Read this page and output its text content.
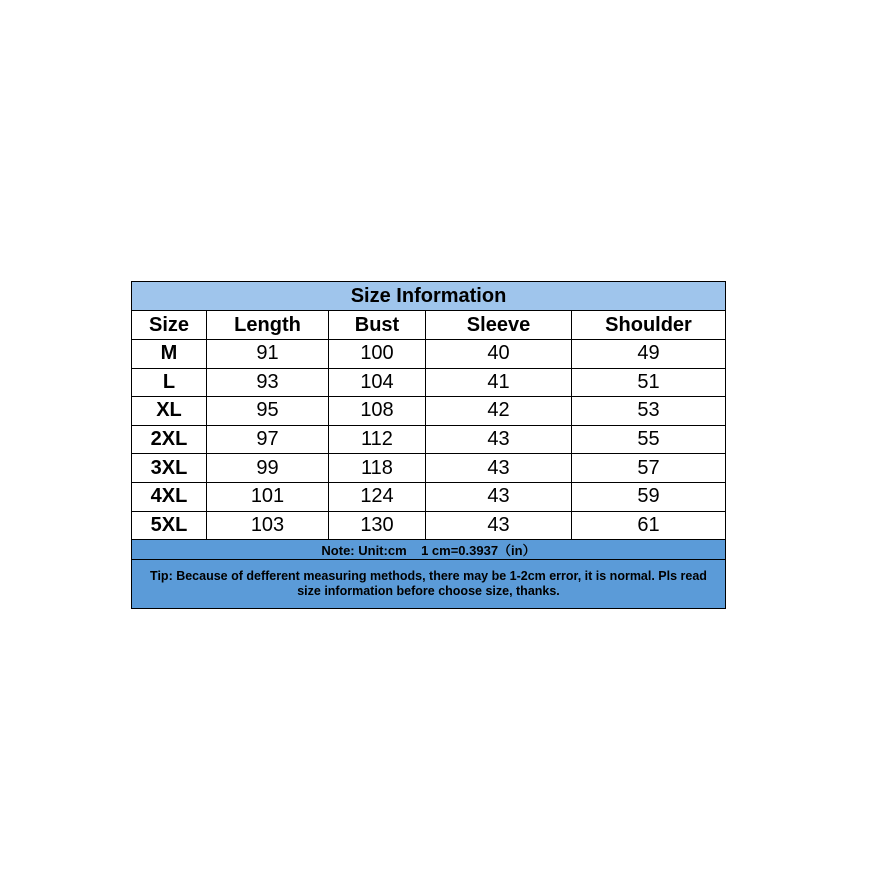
Size Information				
Size	Length	Bust	Sleeve	Shoulder
M	91	100	40	49
L	93	104	41	51
XL	95	108	42	53
2XL	97	112	43	55
3XL	99	118	43	57
4XL	101	124	43	59
5XL	103	130	43	61
Note: Unit:cm    1 cm=0.3937（in）				
Tip: Because of defferent measuring methods, there may be 1-2cm error, it is normal. Pls read size information before choose size, thanks.				
